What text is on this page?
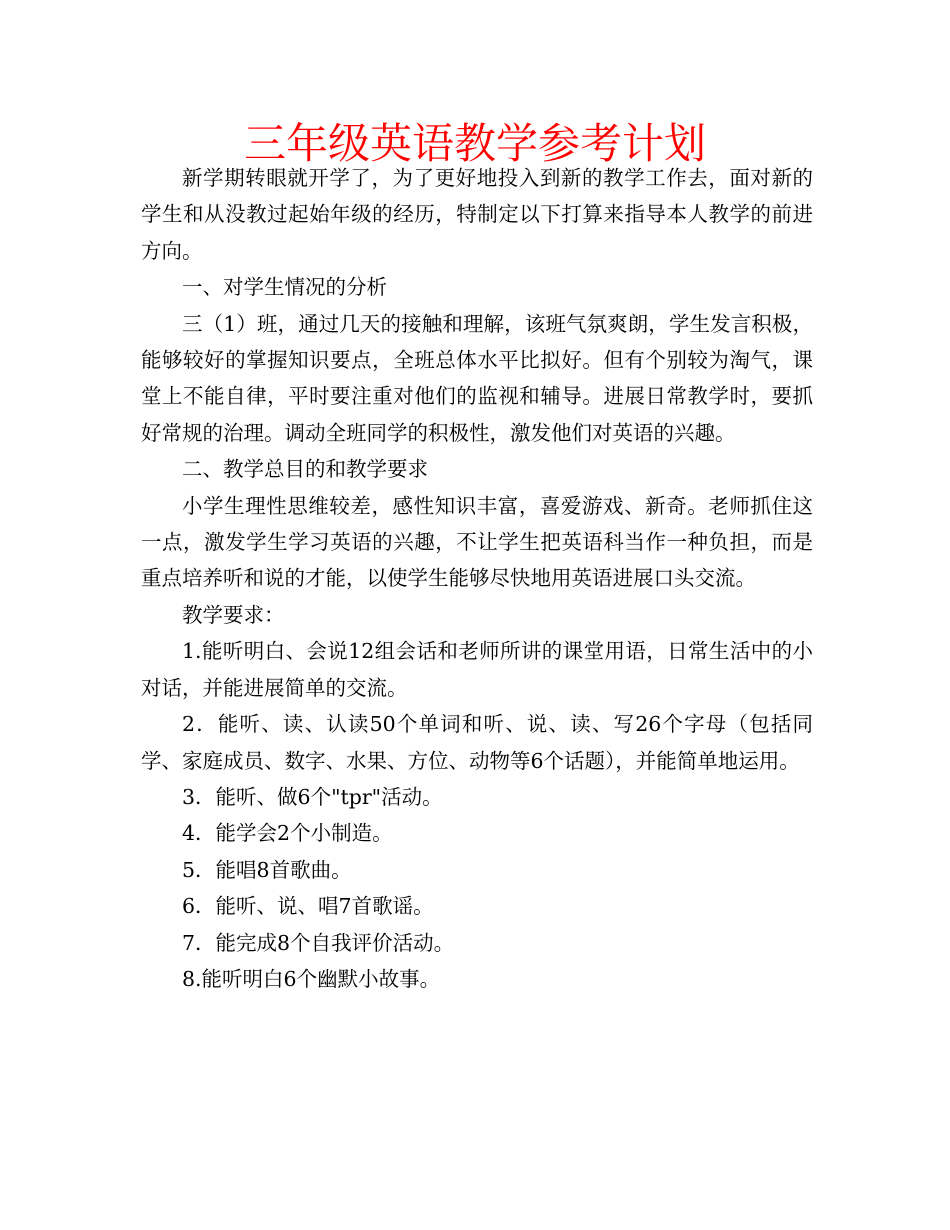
三年级英语教学参考计划

新学期转眼就开学了，为了更好地投入到新的教学工作去，面对新的学生和从没教过起始年级的经历，特制定以下打算来指导本人教学的前进方向。

一、对学生情况的分析

三（1）班，通过几天的接触和理解，该班气氛爽朗，学生发言积极，能够较好的掌握知识要点，全班总体水平比拟好。但有个别较为淘气，课堂上不能自律，平时要注重对他们的监视和辅导。进展日常教学时，要抓好常规的治理。调动全班同学的积极性，激发他们对英语的兴趣。

二、教学总目的和教学要求

小学生理性思维较差，感性知识丰富，喜爱游戏、新奇。老师抓住这一点，激发学生学习英语的兴趣，不让学生把英语科当作一种负担，而是重点培养听和说的才能，以使学生能够尽快地用英语进展口头交流。

教学要求：

1.能听明白、会说12组会话和老师所讲的课堂用语，日常生活中的小对话，并能进展简单的交流。

2．能听、读、认读50个单词和听、说、读、写26个字母（包括同学、家庭成员、数字、水果、方位、动物等6个话题），并能简单地运用。

3．能听、做6个"tpr"活动。

4．能学会2个小制造。

5．能唱8首歌曲。

6．能听、说、唱7首歌谣。

7．能完成8个自我评价活动。

8.能听明白6个幽默小故事。
